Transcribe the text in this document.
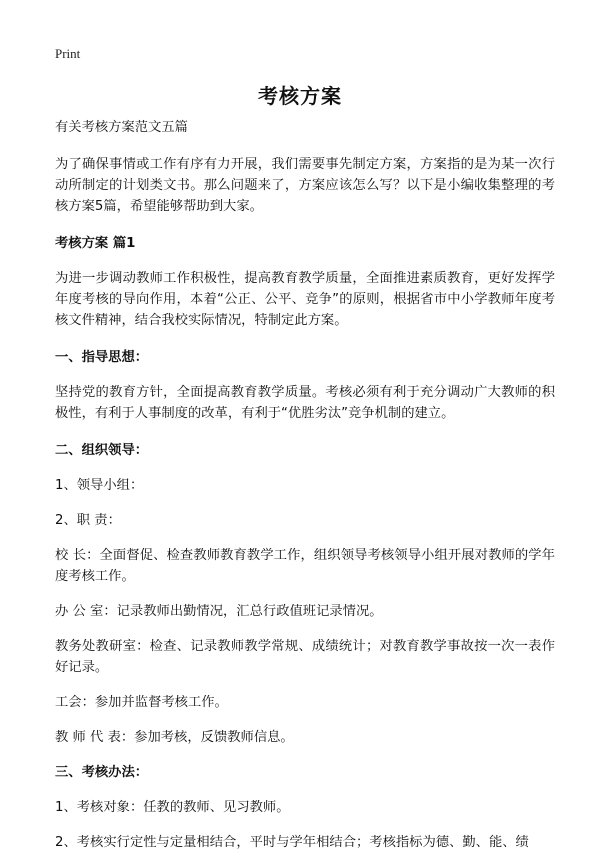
Print
考核方案

有关考核方案范文五篇

为了确保事情或工作有序有力开展，我们需要事先制定方案，方案指的是为某一次行动所制定的计划类文书。那么问题来了，方案应该怎么写？以下是小编收集整理的考核方案5篇，希望能够帮助到大家。

考核方案 篇1

为进一步调动教师工作积极性，提高教育教学质量，全面推进素质教育，更好发挥学年度考核的导向作用，本着“公正、公平、竞争”的原则，根据省市中小学教师年度考核文件精神，结合我校实际情况，特制定此方案。

一、指导思想：

坚持党的教育方针，全面提高教育教学质量。考核必须有利于充分调动广大教师的积极性，有利于人事制度的改革，有利于“优胜劣汰”竞争机制的建立。

二、组织领导：

1、领导小组：

2、职 责：

校 长：全面督促、检查教师教育教学工作，组织领导考核领导小组开展对教师的学年度考核工作。

办 公 室：记录教师出勤情况，汇总行政值班记录情况。

教务处教研室：检查、记录教师教学常规、成绩统计；对教育教学事故按一次一表作好记录。

工会：参加并监督考核工作。

教 师 代 表：参加考核，反馈教师信息。

三、考核办法：

1、考核对象：任教的教师、见习教师。

2、考核实行定性与定量相结合，平时与学年相结合；考核指标为德、勤、能、绩
